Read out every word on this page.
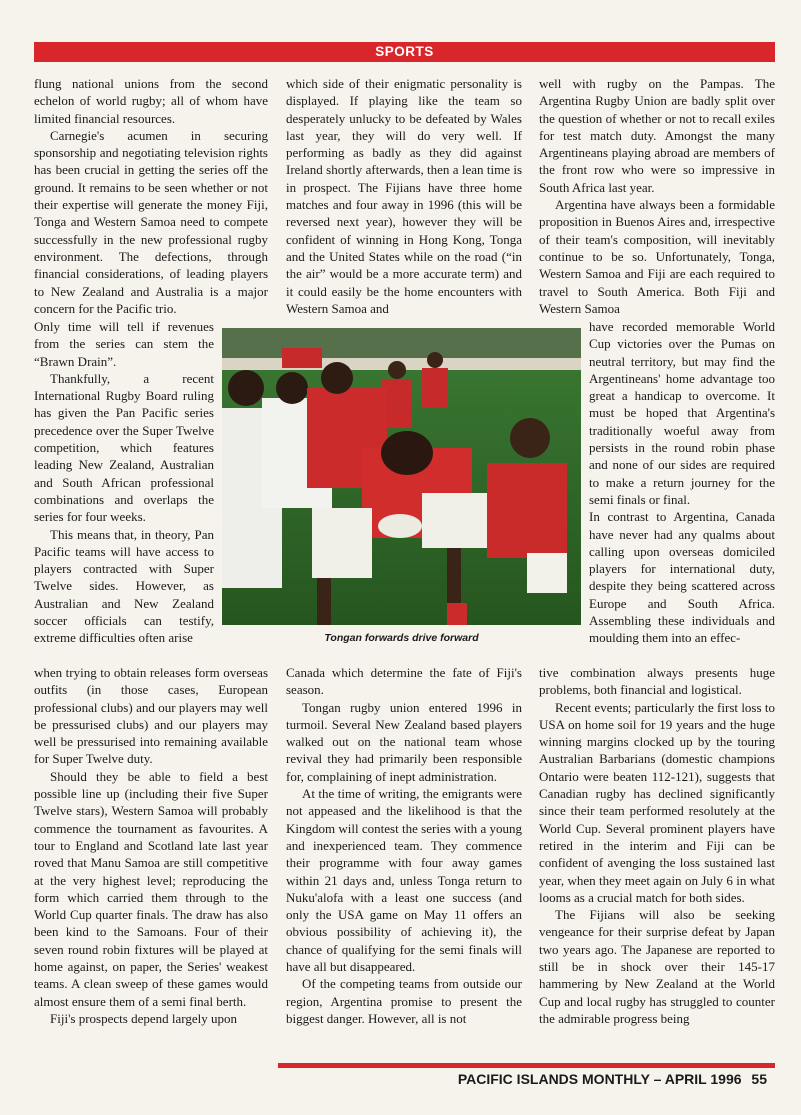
SPORTS

flung national unions from the second echelon of world rugby; all of whom have limited financial resources.

Carnegie's acumen in securing sponsorship and negotiating television rights has been crucial in getting the series off the ground. It remains to be seen whether or not their expertise will generate the money Fiji, Tonga and Western Samoa need to compete successfully in the new professional rugby environment. The defections, through financial considerations, of leading players to New Zealand and Australia is a major concern for the Pacific trio.

Only time will tell if revenues from the series can stem the “Brawn Drain”.

Thankfully, a recent International Rugby Board ruling has given the Pan Pacific series precedence over the Super Twelve competition, which features leading New Zealand, Australian and South African professional combinations and overlaps the series for four weeks.

This means that, in theory, Pan Pacific teams will have access to players contracted with Super Twelve sides. However, as Australian and New Zealand soccer officials can testify, extreme difficulties often arise

when trying to obtain releases form overseas outfits (in those cases, European professional clubs) and our players may well be pressurised clubs) and our players may well be pressurised into remaining available for Super Twelve duty.

Should they be able to field a best possible line up (including their five Super Twelve stars), Western Samoa will probably commence the tournament as favourites. A tour to England and Scotland late last year roved that Manu Samoa are still competitive at the very highest level; reproducing the form which carried them through to the World Cup quarter finals. The draw has also been kind to the Samoans. Four of their seven round robin fixtures will be played at home against, on paper, the Series' weakest teams. A clean sweep of these games would almost ensure them of a semi final berth.

Fiji's prospects depend largely upon

which side of their enigmatic personality is displayed. If playing like the team so desperately unlucky to be defeated by Wales last year, they will do very well. If performing as badly as they did against Ireland shortly afterwards, then a lean time is in prospect. The Fijians have three home matches and four away in 1996 (this will be reversed next year), however they will be confident of winning in Hong Kong, Tonga and the United States while on the road (“in the air” would be a more accurate term) and it could easily be the home encounters with Western Samoa and

Canada which determine the fate of Fiji's season.

Tongan rugby union entered 1996 in turmoil. Several New Zealand based players walked out on the national team whose revival they had primarily been responsible for, complaining of inept administration.

At the time of writing, the emigrants were not appeased and the likelihood is that the Kingdom will contest the series with a young and inexperienced team. They commence their programme with four away games within 21 days and, unless Tonga return to Nuku'alofa with a least one success (and only the USA game on May 11 offers an obvious possibility of achieving it), the chance of qualifying for the semi finals will have all but disappeared.

Of the competing teams from outside our region, Argentina promise to present the biggest danger. However, all is not

well with rugby on the Pampas. The Argentina Rugby Union are badly split over the question of whether or not to recall exiles for test match duty. Amongst the many Argentineans playing abroad are members of the front row who were so impressive in South Africa last year.

Argentina have always been a formidable proposition in Buenos Aires and, irrespective of their team's composition, will inevitably continue to be so. Unfortunately, Tonga, Western Samoa and Fiji are each required to travel to South America. Both Fiji and Western Samoa

have recorded memorable World Cup victories over the Pumas on neutral territory, but may find the Argentineans' home advantage too great a handicap to overcome. It must be hoped that Argentina's traditionally woeful away from persists in the round robin phase and none of our sides are required to make a return journey for the semi finals or final.

In contrast to Argentina, Canada have never had any qualms about calling upon overseas domiciled players for international duty, despite they being scattered across Europe and South Africa. Assembling these individuals and moulding them into an effec-

tive combination always presents huge problems, both financial and logistical.

Recent events; particularly the first loss to USA on home soil for 19 years and the huge winning margins clocked up by the touring Australian Barbarians (domestic champions Ontario were beaten 112-121), suggests that Canadian rugby has declined significantly since their team performed resolutely at the World Cup. Several prominent players have retired in the interim and Fiji can be confident of avenging the loss sustained last year, when they meet again on July 6 in what looms as a crucial match for both sides.

The Fijians will also be seeking vengeance for their surprise defeat by Japan two years ago. The Japanese are reported to still be in shock over their 145-17 hammering by New Zealand at the World Cup and local rugby has struggled to counter the admirable progress being

Tongan forwards drive forward
PACIFIC ISLANDS MONTHLY – APRIL 1996 55
